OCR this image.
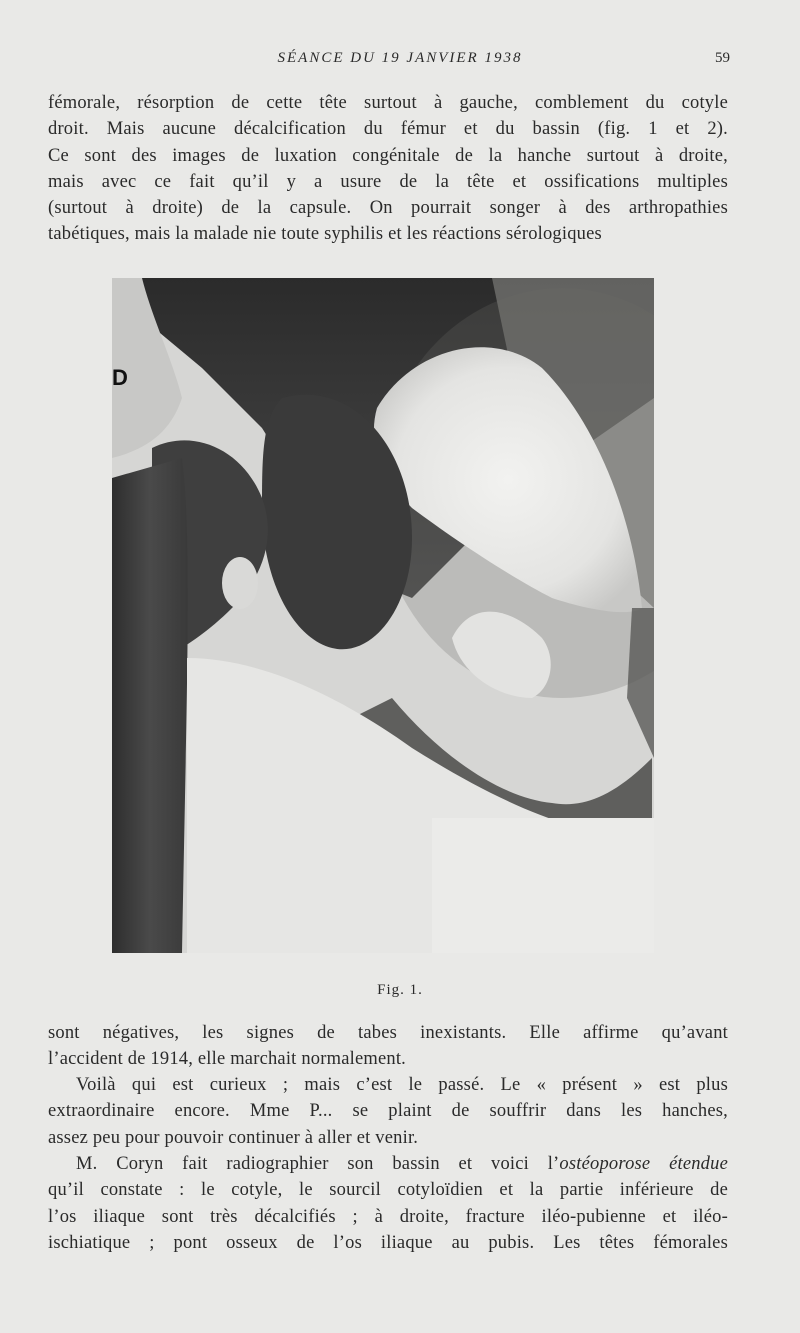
SÉANCE DU 19 JANVIER 1938	59
fémorale, résorption de cette tête surtout à gauche, comblement du cotyle
droit. Mais aucune décalcification du fémur et du bassin (fig. 1 et 2).
Ce sont des images de luxation congénitale de la hanche surtout à droite,
mais avec ce fait qu’il y a usure de la tête et ossifications multiples
(surtout à droite) de la capsule. On pourrait songer à des arthropathies
tabétiques, mais la malade nie toute syphilis et les réactions sérologiques
D
Fig. 1.
sont négatives, les signes de tabes inexistants. Elle affirme qu’avant
l’accident de 1914, elle marchait normalement.
Voilà qui est curieux ; mais c’est le passé. Le « présent » est plus
extraordinaire encore. Mme P... se plaint de souffrir dans les hanches,
assez peu pour pouvoir continuer à aller et venir.
M. Coryn fait radiographier son bassin et voici l’ostéoporose étendue
qu’il constate : le cotyle, le sourcil cotyloïdien et la partie inférieure de
l’os iliaque sont très décalcifiés ; à droite, fracture iléo-pubienne et iléo-
ischiatique ; pont osseux de l’os iliaque au pubis. Les têtes fémorales
